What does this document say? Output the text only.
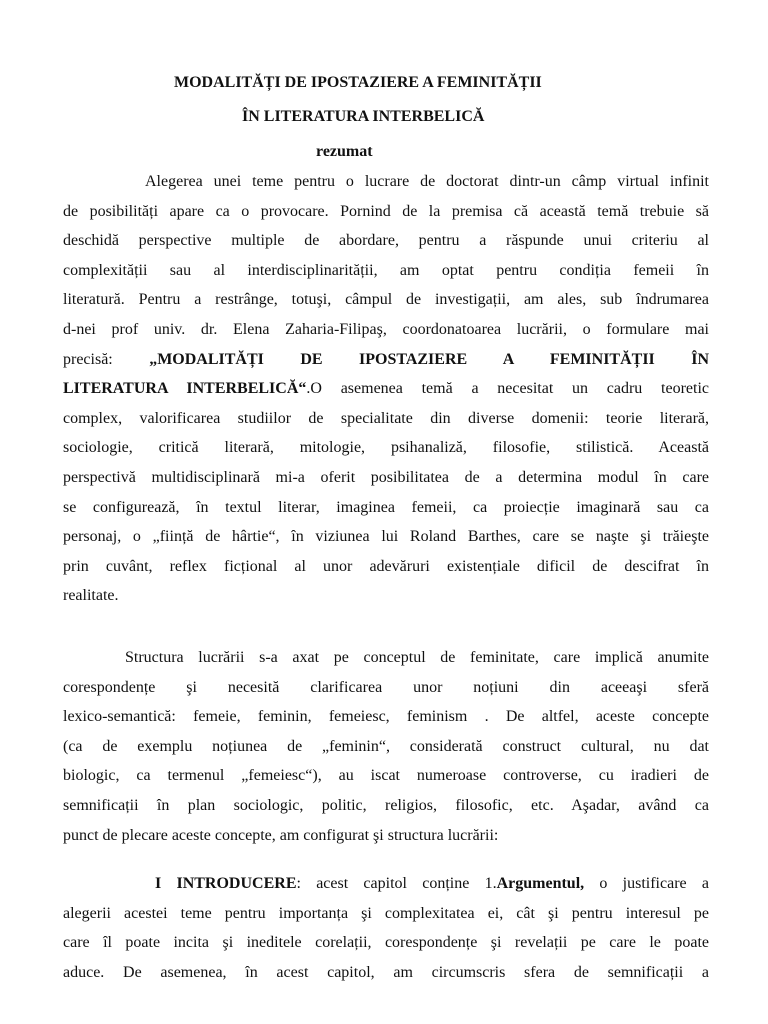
MODALITĂȚI DE IPOSTAZIERE A FEMINITĂȚII
ÎN LITERATURA INTERBELICĂ
rezumat
Alegerea unei teme pentru o lucrare de doctorat dintr-un câmp virtual infinit
de posibilități apare ca o provocare. Pornind de la premisa că această temă trebuie să
deschidă perspective multiple de abordare, pentru a răspunde unui criteriu al
complexității sau al interdisciplinarității, am optat pentru condiția femeii în
literatură. Pentru a restrânge, totuşi, câmpul de investigații, am ales, sub îndrumarea
d-nei prof univ. dr. Elena Zaharia-Filipaş, coordonatoarea lucrării, o formulare mai
precisă: „MODALITĂȚI DE IPOSTAZIERE A FEMINITĂȚII ÎN
LITERATURA INTERBELICĂ“.O asemenea temă a necesitat un cadru teoretic
complex, valorificarea studiilor de specialitate din diverse domenii: teorie literară,
sociologie, critică literară, mitologie, psihanaliză, filosofie, stilistică. Această
perspectivă multidisciplinară mi-a oferit posibilitatea de a determina modul în care
se configurează, în textul literar, imaginea femeii, ca proiecție imaginară sau ca
personaj, o „ființă de hârtie“, în viziunea lui Roland Barthes, care se naşte şi trăieşte
prin cuvânt, reflex ficțional al unor adevăruri existențiale dificil de descifrat în
realitate.
Structura lucrării s-a axat pe conceptul de feminitate, care implică anumite
corespondențe şi necesită clarificarea unor noțiuni din aceeaşi sferă
lexico-semantică: femeie, feminin, femeiesc, feminism . De altfel, aceste concepte
(ca de exemplu noțiunea de „feminin“, considerată construct cultural, nu dat
biologic, ca termenul „femeiesc“), au iscat numeroase controverse, cu iradieri de
semnificații în plan sociologic, politic, religios, filosofic, etc. Aşadar, având ca
punct de plecare aceste concepte, am configurat şi structura lucrării:
I INTRODUCERE: acest capitol conține 1.Argumentul, o justificare a
alegerii acestei teme pentru importanța şi complexitatea ei, cât şi pentru interesul pe
care îl poate incita şi ineditele corelații, corespondențe şi revelații pe care le poate
aduce. De asemenea, în acest capitol, am circumscris sfera de semnificații a
